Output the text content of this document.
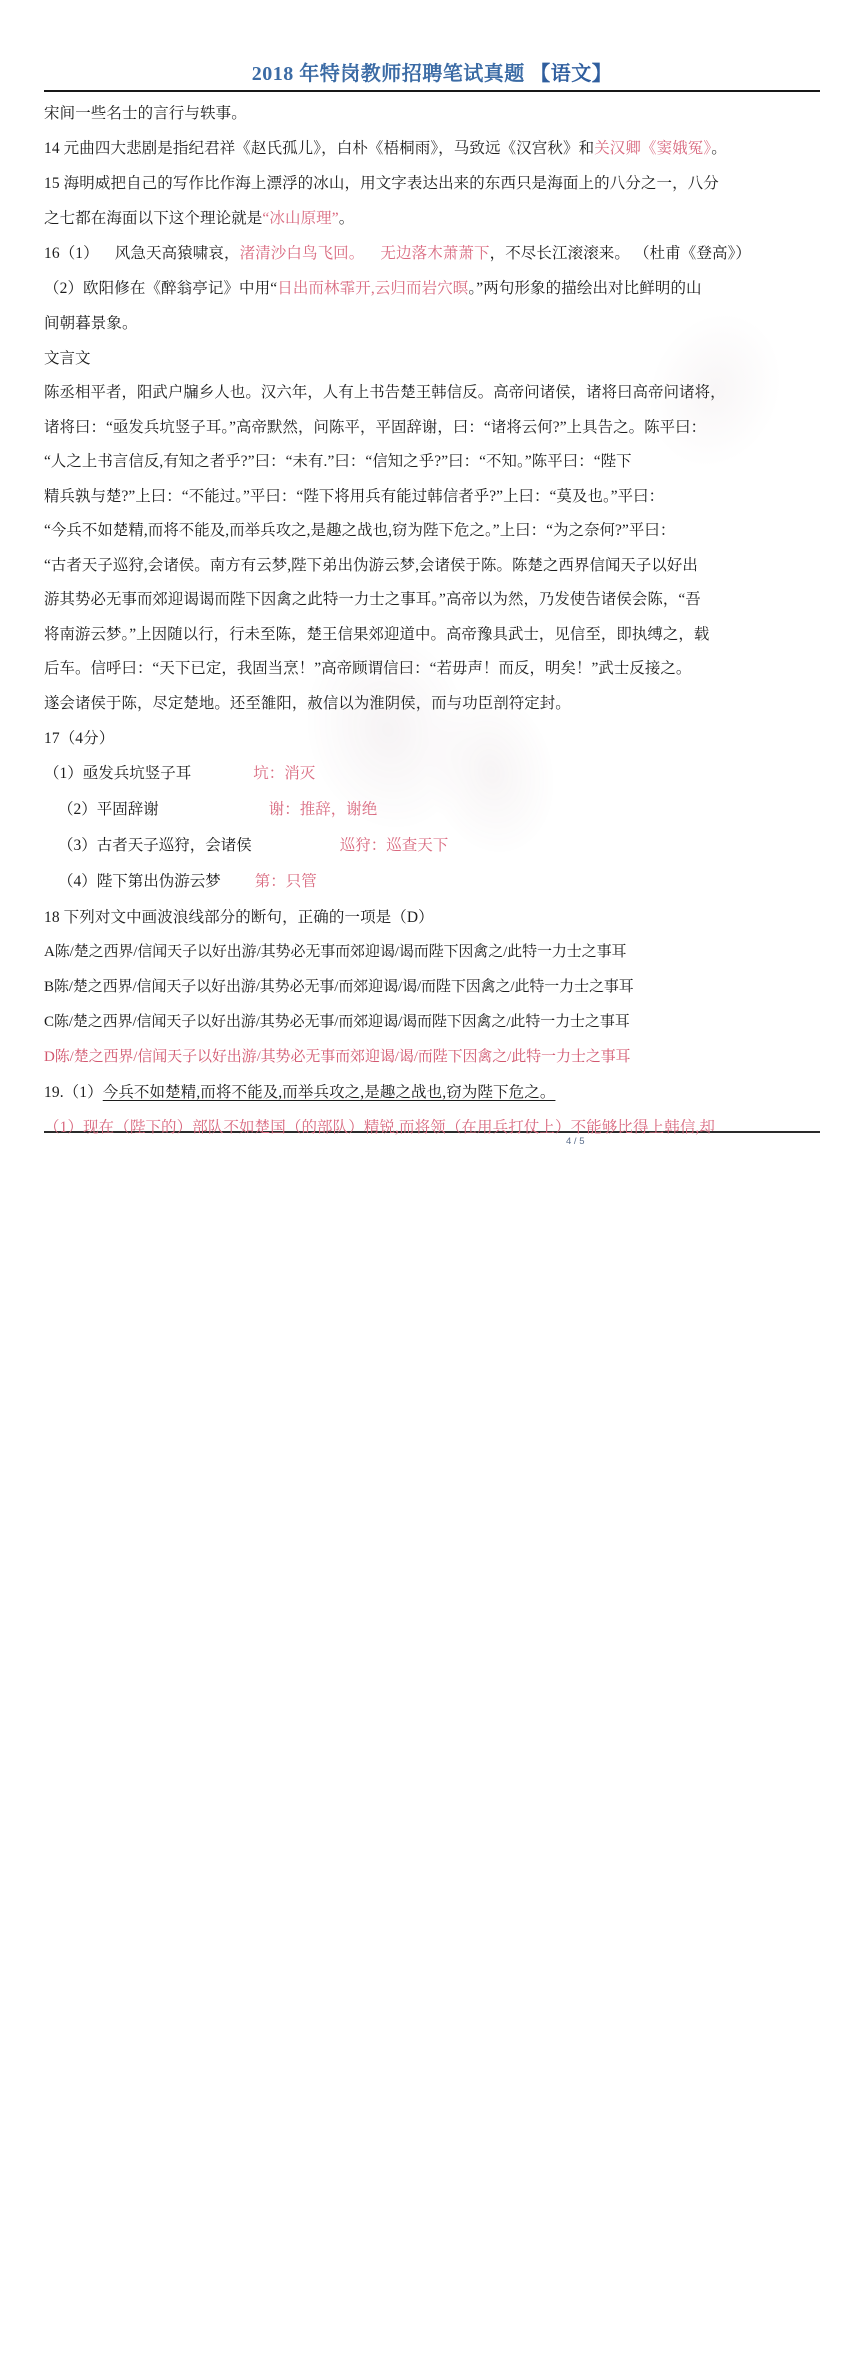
2018 年特岗教师招聘笔试真题 【语文】
宋间一些名士的言行与轶事。
14 元曲四大悲剧是指纪君祥《赵氏孤儿》，白朴《梧桐雨》，马致远《汉宫秋》和关汉卿《窦娥冤》。
15 海明威把自己的写作比作海上漂浮的冰山，用文字表达出来的东西只是海面上的八分之一，八分
之七都在海面以下这个理论就是“冰山原理”。
16（1） 风急天高猿啸哀，渚清沙白鸟飞回。 无边落木萧萧下，不尽长江滚滚来。 （杜甫《登高》）
（2）欧阳修在《醉翁亭记》中用“日出而林霏开,云归而岩穴暝。”两句形象的描绘出对比鲜明的山
间朝暮景象。
文言文
陈丞相平者，阳武户牖乡人也。汉六年，人有上书告楚王韩信反。高帝问诸侯，诸将曰高帝问诸将，
诸将曰：“亟发兵坑竖子耳。”高帝默然，问陈平，平固辞谢，曰：“诸将云何?”上具告之。陈平曰：
“人之上书言信反,有知之者乎?”曰：“未有.”曰：“信知之乎?”曰：“不知。”陈平曰：“陛下
精兵孰与楚?”上曰：“不能过。”平曰：“陛下将用兵有能过韩信者乎?”上曰：“莫及也。”平曰：
“今兵不如楚精,而将不能及,而举兵攻之,是趣之战也,窃为陛下危之。”上曰：“为之奈何?”平曰：
“古者天子巡狩,会诸侯。南方有云梦,陛下弟出伪游云梦,会诸侯于陈。陈楚之西界信闻天子以好出
游其势必无事而郊迎谒谒而陛下因禽之此特一力士之事耳。”高帝以为然，乃发使告诸侯会陈，“吾
将南游云梦。”上因随以行，行未至陈，楚王信果郊迎道中。高帝豫具武士，见信至，即执缚之，载
后车。信呼曰：“天下已定，我固当烹！”高帝顾谓信曰：“若毋声！而反，明矣！”武士反接之。
遂会诸侯于陈，尽定楚地。还至雒阳，赦信以为淮阴侯，而与功臣剖符定封。
17（4分）
（1）亟发兵坑竖子耳	坑：消灭
（2）平固辞谢	谢：推辞，谢绝
（3）古者天子巡狩，会诸侯	巡狩：巡查天下
（4）陛下第出伪游云梦 第：只管
18 下列对文中画波浪线部分的断句，正确的一项是（D）
A陈/楚之西界/信闻天子以好出游/其势必无事而郊迎谒/谒而陛下因禽之/此特一力士之事耳
B陈/楚之西界/信闻天子以好出游/其势必无事/而郊迎谒/谒/而陛下因禽之/此特一力士之事耳
C陈/楚之西界/信闻天子以好出游/其势必无事/而郊迎谒/谒而陛下因禽之/此特一力士之事耳
D陈/楚之西界/信闻天子以好出游/其势必无事而郊迎谒/谒/而陛下因禽之/此特一力士之事耳
19.（1）今兵不如楚精,而将不能及,而举兵攻之,是趣之战也,窃为陛下危之。
（1）现在（陛下的）部队不如楚国（的部队）精锐,而将领（在用兵打仗上）不能够比得上韩信,却
4 / 5
